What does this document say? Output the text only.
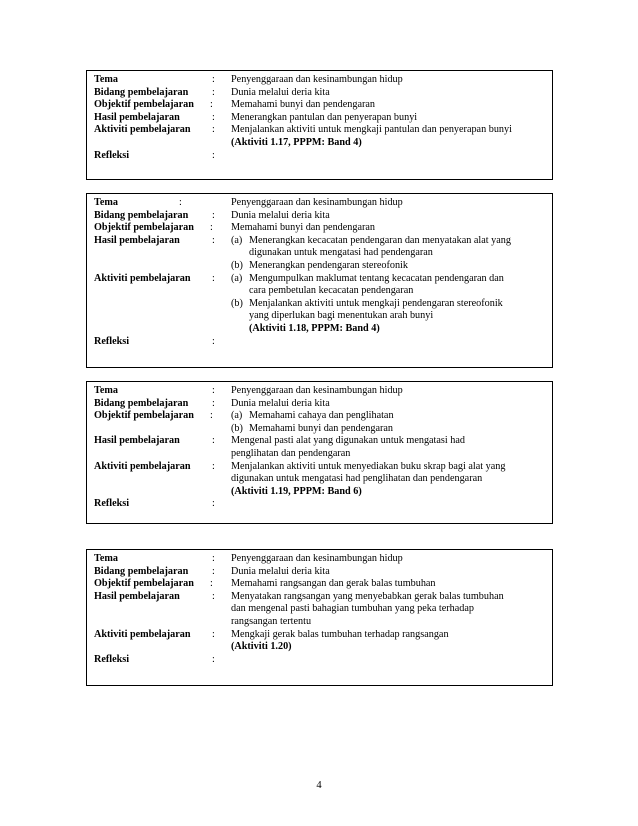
Tema	: Penyenggaraan dan kesinambungan hidup
Bidang pembelajaran : Dunia melalui deria kita
Objektif pembelajaran : Memahami bunyi dan pendengaran
Hasil pembelajaran	: Menerangkan pantulan dan penyerapan bunyi
Aktiviti pembelajaran : Menjalankan aktiviti untuk mengkaji pantulan dan penyerapan bunyi
(Aktiviti 1.17, PPPM: Band 4)
Refleksi	:
Tema	:	Penyenggaraan dan kesinambungan hidup
Bidang pembelajaran : Dunia melalui deria kita
Objektif pembelajaran : Memahami bunyi dan pendengaran
Hasil pembelajaran	: (a) Menerangkan kecacatan pendengaran dan menyatakan alat yang
digunakan untuk mengatasi had pendengaran
(b) Menerangkan pendengaran stereofonik
Aktiviti pembelajaran : (a) Mengumpulkan maklumat tentang kecacatan pendengaran dan
cara pembetulan kecacatan pendengaran
(b) Menjalankan aktiviti untuk mengkaji pendengaran stereofonik
yang diperlukan bagi menentukan arah bunyi
(Aktiviti 1.18, PPPM: Band 4)
Refleksi	:
Tema	: Penyenggaraan dan kesinambungan hidup
Bidang pembelajaran : Dunia melalui deria kita
Objektif pembelajaran : (a) Memahami cahaya dan penglihatan
(b) Memahami bunyi dan pendengaran
Hasil pembelajaran	: Mengenal pasti alat yang digunakan untuk mengatasi had
penglihatan dan pendengaran
Aktiviti pembelajaran : Menjalankan aktiviti untuk menyediakan buku skrap bagi alat yang
digunakan untuk mengatasi had penglihatan dan pendengaran
(Aktiviti 1.19, PPPM: Band 6)
Refleksi	:
Tema	: Penyenggaraan dan kesinambungan hidup
Bidang pembelajaran : Dunia melalui deria kita
Objektif pembelajaran : Memahami rangsangan dan gerak balas tumbuhan
Hasil pembelajaran	: Menyatakan rangsangan yang menyebabkan gerak balas tumbuhan
dan mengenal pasti bahagian tumbuhan yang peka terhadap
rangsangan tertentu
Aktiviti pembelajaran : Mengkaji gerak balas tumbuhan terhadap rangsangan
(Aktiviti 1.20)
Refleksi	:
4
